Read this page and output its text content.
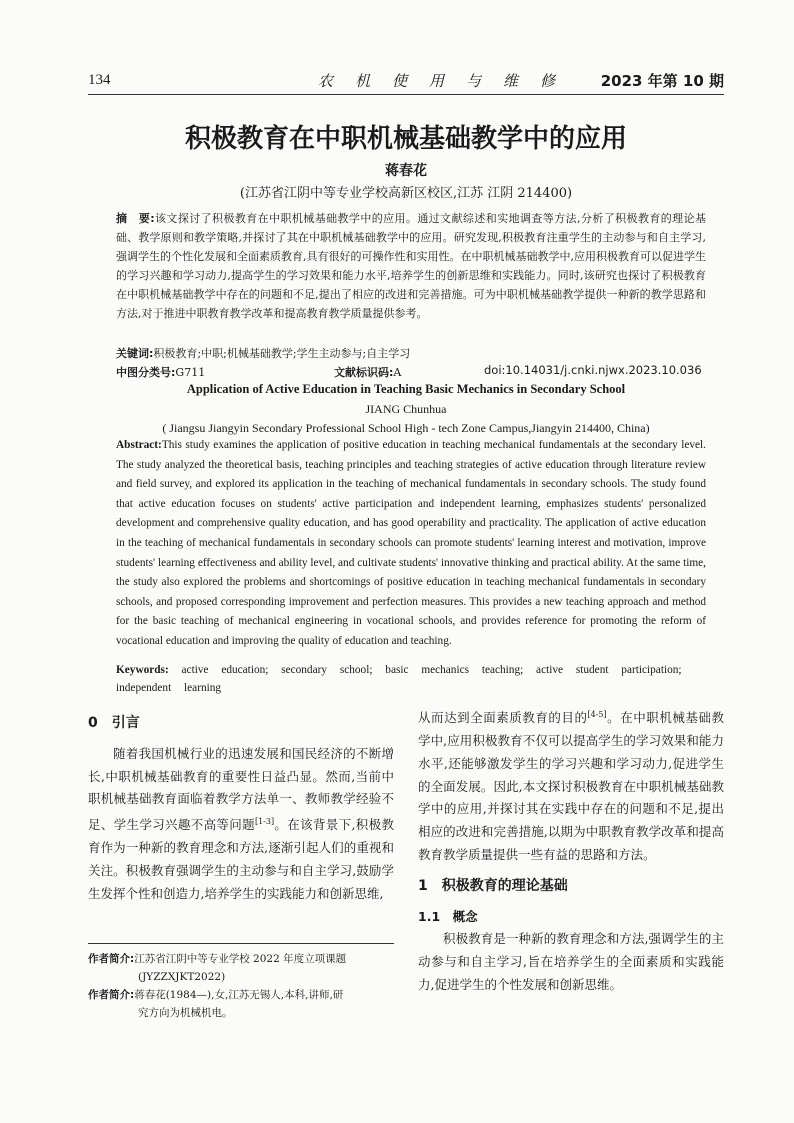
134	农机使用与维修 2023 年第 10 期
积极教育在中职机械基础教学中的应用
蒋春花
(江苏省江阴中等专业学校高新区校区,江苏 江阴 214400)
摘　要:该文探讨了积极教育在中职机械基础教学中的应用。通过文献综述和实地调查等方法,分析了积极教育的理论基础、教学原则和教学策略,并探讨了其在中职机械基础教学中的应用。研究发现,积极教育注重学生的主动参与和自主学习,强调学生的个性化发展和全面素质教育,具有很好的可操作性和实用性。在中职机械基础教学中,应用积极教育可以促进学生的学习兴趣和学习动力,提高学生的学习效果和能力水平,培养学生的创新思维和实践能力。同时,该研究也探讨了积极教育在中职机械基础教学中存在的问题和不足,提出了相应的改进和完善措施。可为中职机械基础教学提供一种新的教学思路和方法,对于推进中职教育教学改革和提高教育教学质量提供参考。
关键词:积极教育;中职;机械基础教学;学生主动参与;自主学习
中图分类号:G711	文献标识码:A	doi:10.14031/j.cnki.njwx.2023.10.036
Application of Active Education in Teaching Basic Mechanics in Secondary School
JIANG Chunhua
( Jiangsu Jiangyin Secondary Professional School High - tech Zone Campus,Jiangyin 214400, China)
Abstract:This study examines the application of positive education in teaching mechanical fundamentals at the secondary level. The study analyzed the theoretical basis, teaching principles and teaching strategies of active education through literature review and field survey, and explored its application in the teaching of mechanical fundamentals in secondary schools. The study found that active education focuses on students' active participation and independent learning, emphasizes students' personalized development and comprehensive quality education, and has good operability and practicality. The application of active education in the teaching of mechanical fundamentals in secondary schools can promote students' learning interest and motivation, improve students' learning effectiveness and ability level, and cultivate students' innovative thinking and practical ability. At the same time, the study also explored the problems and shortcomings of positive education in teaching mechanical fundamentals in secondary schools, and proposed corresponding improvement and perfection measures. This provides a new teaching approach and method for the basic teaching of mechanical engineering in vocational schools, and provides reference for promoting the reform of vocational education and improving the quality of education and teaching.
Keywords: active education; secondary school; basic mechanics teaching; active student participation; independent learning
0　引言

随着我国机械行业的迅速发展和国民经济的不断增长,中职机械基础教育的重要性日益凸显。然而,当前中职机械基础教育面临着教学方法单一、教师教学经验不足、学生学习兴趣不高等问题[1-3]。在该背景下,积极教育作为一种新的教育理念和方法,逐渐引起人们的重视和关注。积极教育强调学生的主动参与和自主学习,鼓励学生发挥个性和创造力,培养学生的实践能力和创新思维,

从而达到全面素质教育的目的[4-5]。在中职机械基础教学中,应用积极教育不仅可以提高学生的学习效果和能力水平,还能够激发学生的学习兴趣和学习动力,促进学生的全面发展。因此,本文探讨积极教育在中职机械基础教学中的应用,并探讨其在实践中存在的问题和不足,提出相应的改进和完善措施,以期为中职教育教学改革和提高教育教学质量提供一些有益的思路和方法。

1　积极教育的理论基础
1.1　概念

积极教育是一种新的教育理念和方法,强调学生的主动参与和自主学习,旨在培养学生的全面素质和实践能力,促进学生的个性发展和创新思维。

作者简介:江苏省江阴中等专业学校 2022 年度立项课题
(JYZZXJKT2022)
作者简介:蒋春花(1984—),女,江苏无锡人,本科,讲师,研
究方向为机械机电。
